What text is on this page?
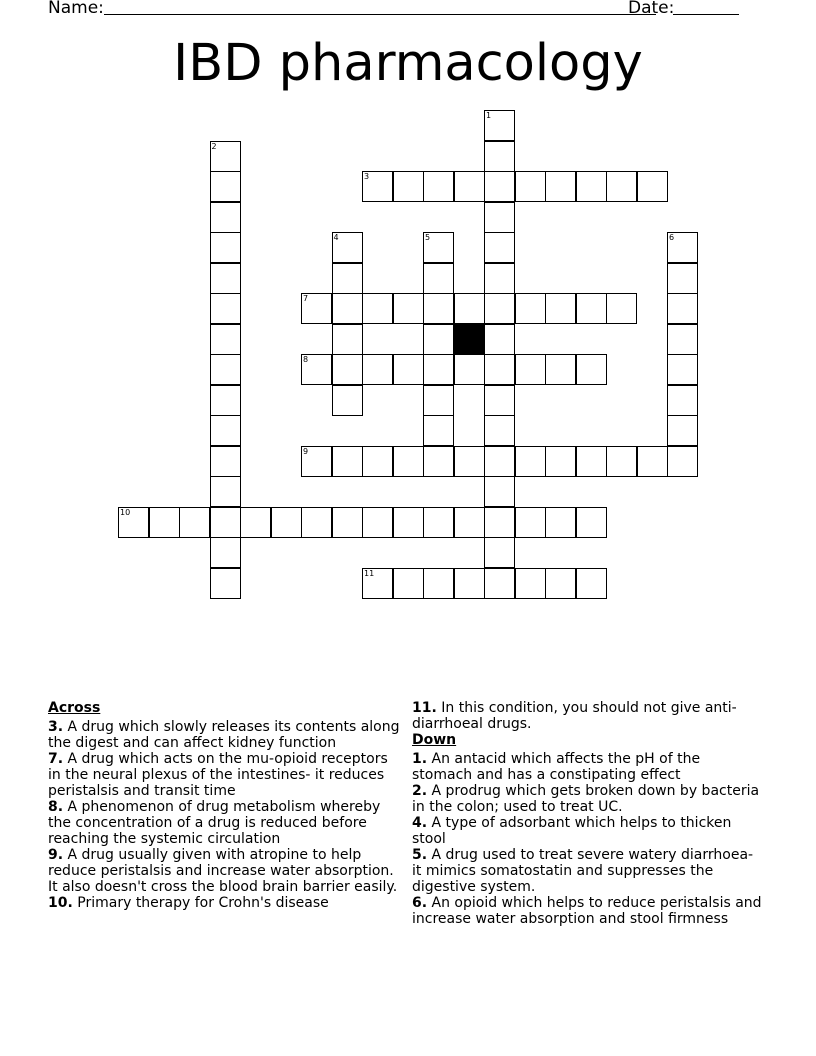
Name:	Date:
IBD pharmacology
1
2
3
4	5	6
7
8
9
10
11
Across
3. A drug which slowly releases its contents along the digest and can affect kidney function
7. A drug which acts on the mu-opioid receptors in the neural plexus of the intestines- it reduces peristalsis and transit time
8. A phenomenon of drug metabolism whereby the concentration of a drug is reduced before reaching the systemic circulation
9. A drug usually given with atropine to help reduce peristalsis and increase water absorption. It also doesn't cross the blood brain barrier easily.
10. Primary therapy for Crohn's disease
11. In this condition, you should not give anti-diarrhoeal drugs.
Down
1. An antacid which affects the pH of the stomach and has a constipating effect
2. A prodrug which gets broken down by bacteria in the colon; used to treat UC.
4. A type of adsorbant which helps to thicken stool
5. A drug used to treat severe watery diarrhoea- it mimics somatostatin and suppresses the digestive system.
6. An opioid which helps to reduce peristalsis and increase water absorption and stool firmness
